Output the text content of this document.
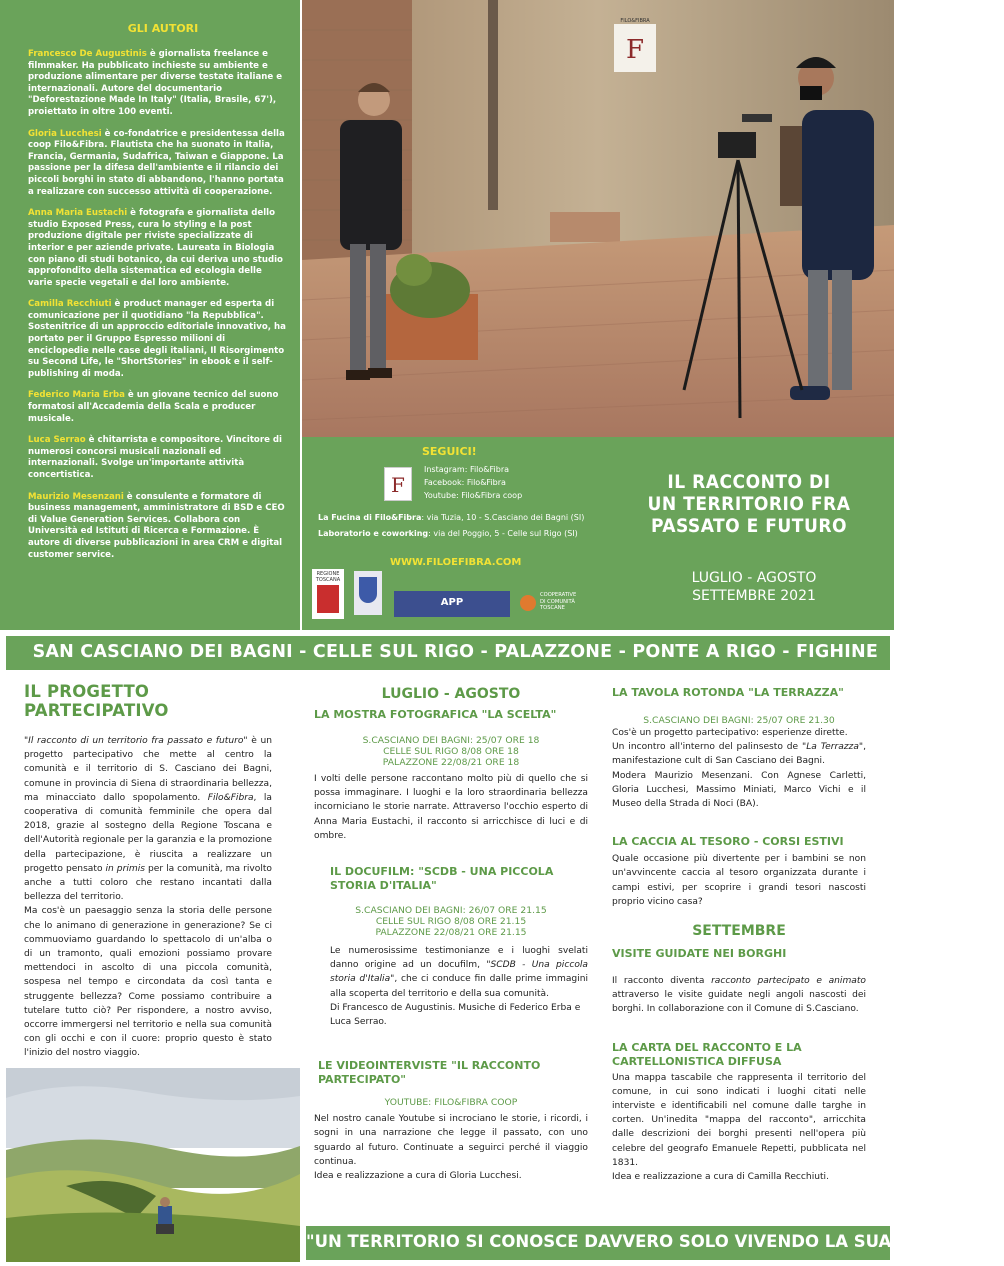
GLI AUTORI

Francesco De Augustinis è giornalista freelance e filmmaker. Ha pubblicato inchieste su ambiente e produzione alimentare per diverse testate italiane e internazionali. Autore del documentario "Deforestazione Made In Italy" (Italia, Brasile, 67'), proiettato in oltre 100 eventi.

Gloria Lucchesi è co-fondatrice e presidentessa della coop Filo&Fibra. Flautista che ha suonato in Italia, Francia, Germania, Sudafrica, Taiwan e Giappone. La passione per la difesa dell'ambiente e il rilancio dei piccoli borghi in stato di abbandono, l'hanno portata a realizzare con successo attività di cooperazione.

Anna Maria Eustachi è fotografa e giornalista dello studio Exposed Press, cura lo styling e la post produzione digitale per riviste specializzate di interior e per aziende private. Laureata in Biologia con piano di studi botanico, da cui deriva uno studio approfondito della sistematica ed ecologia delle varie specie vegetali e del loro ambiente.

Camilla Recchiuti è product manager ed esperta di comunicazione per il quotidiano "la Repubblica". Sostenitrice di un approccio editoriale innovativo, ha portato per il Gruppo Espresso milioni di enciclopedie nelle case degli italiani, Il Risorgimento su Second Life, le "ShortStories" in ebook e il self-publishing di moda.

Federico Maria Erba è un giovane tecnico del suono formatosi all'Accademia della Scala e producer musicale.

Luca Serrao è chitarrista e compositore. Vincitore di numerosi concorsi musicali nazionali ed internazionali. Svolge un'importante attività concertistica.

Maurizio Mesenzani è consulente e formatore di business management, amministratore di BSD e CEO di Value Generation Services. Collabora con Università ed Istituti di Ricerca e Formazione. È autore di diverse pubblicazioni in area CRM e digital customer service.

FILO&FIBRA
F
SEGUICI!
F
Instagram: Filo&Fibra
Facebook: Filo&Fibra
Youtube: Filo&Fibra coop
La Fucina di Filo&Fibra: via Tuzia, 10 - S.Casciano dei Bagni (SI)
Laboratorio e coworking: via del Poggio, 5 - Celle sul Rigo (SI)
WWW.FILOEFIBRA.COM
REGIONE TOSCANA
APP
COOPERATIVE
DI COMUNITÀ
TOSCANE
IL RACCONTO DI
UN TERRITORIO FRA
PASSATO E FUTURO
LUGLIO - AGOSTO
SETTEMBRE 2021
SAN CASCIANO DEI BAGNI - CELLE SUL RIGO - PALAZZONE - PONTE A RIGO - FIGHINE
IL PROGETTO PARTECIPATIVO

"Il racconto di un territorio fra passato e futuro" è un progetto partecipativo che mette al centro la comunità e il territorio di S. Casciano dei Bagni, comune in provincia di Siena di straordinaria bellezza, ma minacciato dallo spopolamento. Filo&Fibra, la cooperativa di comunità femminile che opera dal 2018, grazie al sostegno della Regione Toscana e dell'Autorità regionale per la garanzia e la promozione della partecipazione, è riuscita a realizzare un progetto pensato in primis per la comunità, ma rivolto anche a tutti coloro che restano incantati dalla bellezza del territorio.

Ma cos'è un paesaggio senza la storia delle persone che lo animano di generazione in generazione? Se ci commuoviamo guardando lo spettacolo di un'alba o di un tramonto, quali emozioni possiamo provare mettendoci in ascolto di una piccola comunità, sospesa nel tempo e circondata da così tanta e struggente bellezza? Come possiamo contribuire a tutelare tutto ciò? Per rispondere, a nostro avviso, occorre immergersi nel territorio e nella sua comunità con gli occhi e con il cuore: proprio questo è stato l'inizio del nostro viaggio.

LUGLIO - AGOSTO
LA MOSTRA FOTOGRAFICA "LA SCELTA"
S.CASCIANO DEI BAGNI: 25/07 ORE 18
CELLE SUL RIGO 8/08 ORE 18
PALAZZONE 22/08/21 ORE 18

I volti delle persone raccontano molto più di quello che si possa immaginare. I luoghi e la loro straordinaria bellezza incorniciano le storie narrate. Attraverso l'occhio esperto di Anna Maria Eustachi, il racconto si arricchisce di luci e di ombre.

IL DOCUFILM: "SCDB - UNA PICCOLA
STORIA D'ITALIA"
S.CASCIANO DEI BAGNI: 26/07 ORE 21.15
CELLE SUL RIGO 8/08 ORE 21.15
PALAZZONE 22/08/21 ORE 21.15

Le numerosissime testimonianze e i luoghi svelati danno origine ad un docufilm, "SCDB - Una piccola storia d'Italia", che ci conduce fin dalle prime immagini alla scoperta del territorio e della sua comunità.

Di Francesco de Augustinis. Musiche di Federico Erba e Luca Serrao.

LE VIDEOINTERVISTE "IL RACCONTO
PARTECIPATO"
YOUTUBE: FILO&FIBRA COOP

Nel nostro canale Youtube si incrociano le storie, i ricordi, i sogni in una narrazione che legge il passato, con uno sguardo al futuro. Continuate a seguirci perché il viaggio continua.

Idea e realizzazione a cura di Gloria Lucchesi.

LA TAVOLA ROTONDA "LA TERRAZZA"
S.CASCIANO DEI BAGNI: 25/07 ORE 21.30

Cos'è un progetto partecipativo: esperienze dirette.

Un incontro all'interno del palinsesto de "La Terrazza", manifestazione cult di San Casciano dei Bagni.

Modera Maurizio Mesenzani. Con Agnese Carletti, Gloria Lucchesi, Massimo Miniati, Marco Vichi e il Museo della Strada di Noci (BA).

LA CACCIA AL TESORO - CORSI ESTIVI

Quale occasione più divertente per i bambini se non un'avvincente caccia al tesoro organizzata durante i campi estivi, per scoprire i grandi tesori nascosti proprio vicino casa?

SETTEMBRE
VISITE GUIDATE NEI BORGHI

Il racconto diventa racconto partecipato e animato attraverso le visite guidate negli angoli nascosti dei borghi. In collaborazione con il Comune di S.Casciano.

LA CARTA DEL RACCONTO E LA
CARTELLONISTICA DIFFUSA

Una mappa tascabile che rappresenta il territorio del comune, in cui sono indicati i luoghi citati nelle interviste e identificabili nel comune dalle targhe in corten. Un'inedita "mappa del racconto", arricchita dalle descrizioni dei borghi presenti nell'opera più celebre del geografo Emanuele Repetti, pubblicata nel 1831.

Idea e realizzazione a cura di Camilla Recchiuti.

"UN TERRITORIO SI CONOSCE DAVVERO SOLO VIVENDO LA SUA COMUNITÀ"
